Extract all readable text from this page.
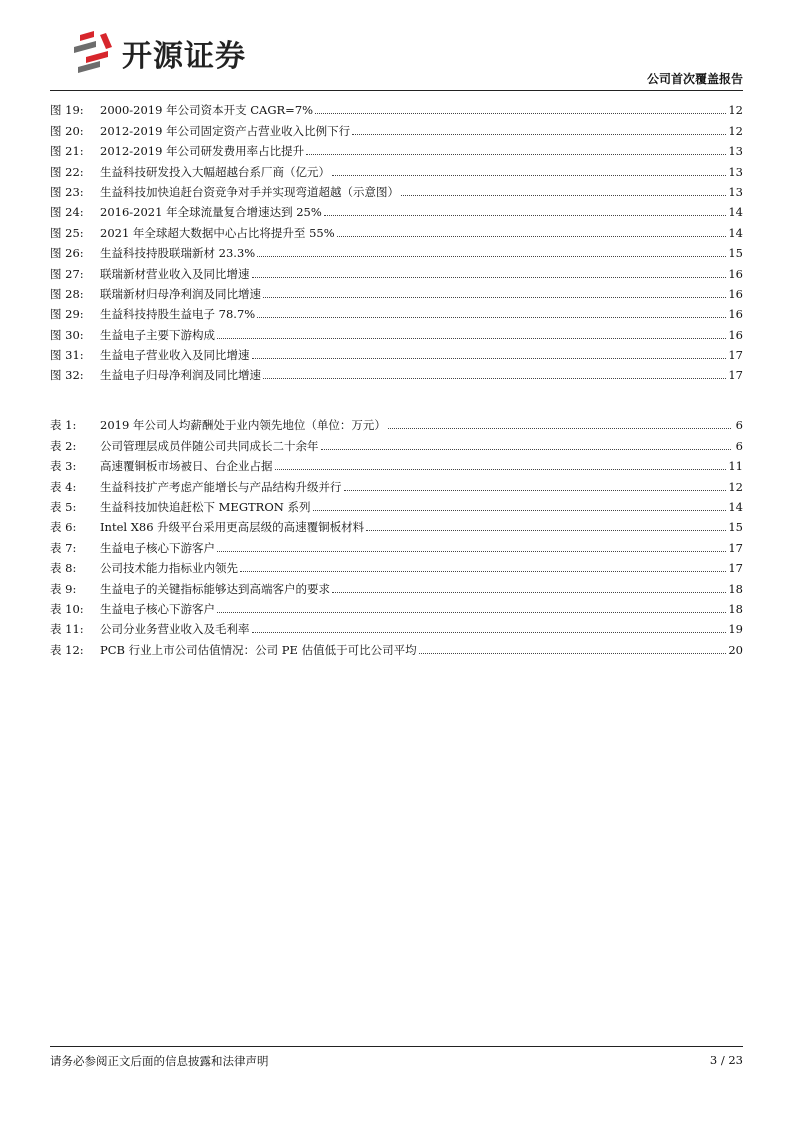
开源证券
公司首次覆盖报告
图 19:	2000-2019 年公司资本开支 CAGR=7%	12
图 20:	2012-2019 年公司固定资产占营业收入比例下行	12
图 21:	2012-2019 年公司研发费用率占比提升	13
图 22:	生益科技研发投入大幅超越台系厂商（亿元）	13
图 23:	生益科技加快追赶台资竞争对手并实现弯道超越（示意图）	13
图 24:	2016-2021 年全球流量复合增速达到 25%	14
图 25:	2021 年全球超大数据中心占比将提升至 55%	14
图 26:	生益科技持股联瑞新材 23.3%	15
图 27:	联瑞新材营业收入及同比增速	16
图 28:	联瑞新材归母净利润及同比增速	16
图 29:	生益科技持股生益电子 78.7%	16
图 30:	生益电子主要下游构成	16
图 31:	生益电子营业收入及同比增速	17
图 32:	生益电子归母净利润及同比增速	17
表 1:	2019 年公司人均薪酬处于业内领先地位（单位：万元）	6
表 2:	公司管理层成员伴随公司共同成长二十余年	6
表 3:	高速覆铜板市场被日、台企业占据	11
表 4:	生益科技扩产考虑产能增长与产品结构升级并行	12
表 5:	生益科技加快追赶松下 MEGTRON 系列	14
表 6:	Intel X86 升级平台采用更高层级的高速覆铜板材料	15
表 7:	生益电子核心下游客户	17
表 8:	公司技术能力指标业内领先	17
表 9:	生益电子的关键指标能够达到高端客户的要求	18
表 10:	生益电子核心下游客户	18
表 11:	公司分业务营业收入及毛利率	19
表 12:	PCB 行业上市公司估值情况：公司 PE 估值低于可比公司平均	20
请务必参阅正文后面的信息披露和法律声明	3 / 23
